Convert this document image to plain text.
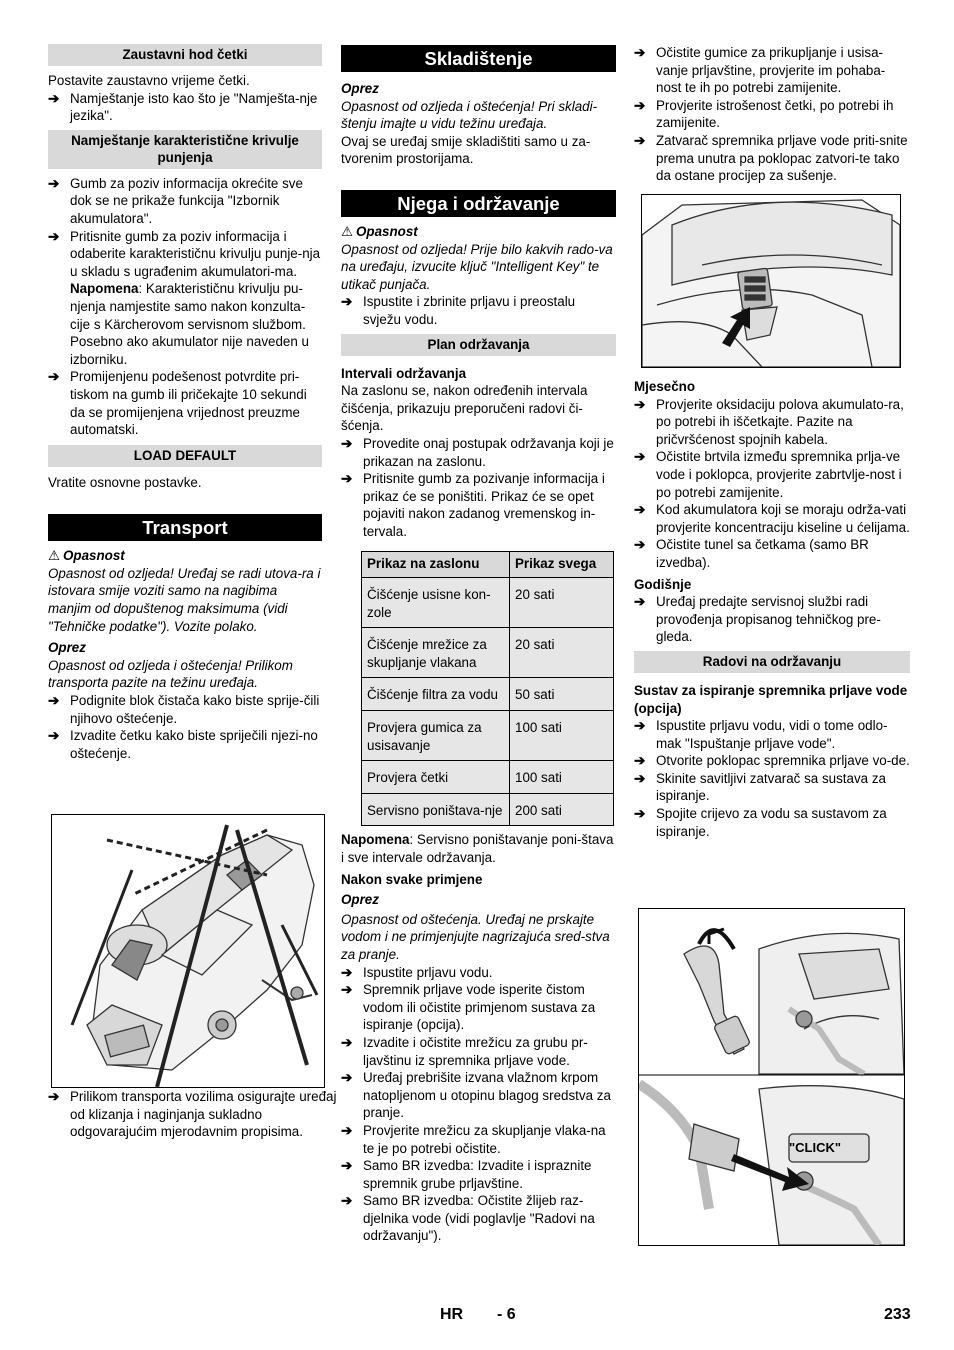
Zaustavni hod četki

Postavite zaustavno vrijeme četki.

➔ Namještanje isto kao što je "Namješta-nje jezika".
Namještanje karakteristične krivulje punjenja
➔ Gumb za poziv informacija okrećite sve dok se ne prikaže funkcija "Izbornik akumulatora".
➔ Pritisnite gumb za poziv informacija i odaberite karakterističnu krivulju punje-nja u skladu s ugrađenim akumulatori-ma.
Napomena: Karakterističnu krivulju pu-njenja namjestite samo nakon konzulta-cije s Kärcherovom servisnom službom. Posebno ako akumulator nije naveden u izborniku.
➔ Promijenjenu podešenost potvrdite pri-tiskom na gumb ili pričekajte 10 sekundi da se promijenjena vrijednost preuzme automatski.
LOAD DEFAULT

Vratite osnovne postavke.

Transport

⚠ Opasnost

Opasnost od ozljeda! Uređaj se radi utova-ra i istovara smije voziti samo na nagibima manjim od dopuštenog maksimuma (vidi "Tehničke podatke"). Vozite polako.

Oprez

Opasnost od ozljeda i oštećenja! Prilikom transporta pazite na težinu uređaja.

➔ Podignite blok čistača kako biste sprije-čili njihovo oštećenje.
➔ Izvadite četku kako biste spriječili njezi-no oštećenje.
➔ Prilikom transporta vozilima osigurajte uređaj od klizanja i naginjanja sukladno odgovarajućim mjerodavnim propisima.
Skladištenje

Oprez

Opasnost od ozljeda i oštećenja! Pri skladi-štenju imajte u vidu težinu uređaja.

Ovaj se uređaj smije skladištiti samo u za-tvorenim prostorijama.

Njega i održavanje

⚠ Opasnost

Opasnost od ozljeda! Prije bilo kakvih rado-va na uređaju, izvucite ključ "Intelligent Key" te utikač punjača.

➔ Ispustite i zbrinite prljavu i preostalu svježu vodu.
Plan održavanja

Intervali održavanja

Na zaslonu se, nakon određenih intervala čišćenja, prikazuju preporučeni radovi či-šćenja.

➔ Provedite onaj postupak održavanja koji je prikazan na zaslonu.
➔ Pritisnite gumb za pozivanje informacija i prikaz će se poništiti. Prikaz će se opet pojaviti nakon zadanog vremenskog in-tervala.
Prikaz na zaslonu	Prikaz svega
Čišćenje usisne kon-zole	20 sati
Čišćenje mrežice za skupljanje vlakana	20 sati
Čišćenje filtra za vodu	50 sati
Provjera gumica za usisavanje	100 sati
Provjera četki	100 sati
Servisno poništava-nje	200 sati

Napomena: Servisno poništavanje poni-štava i sve intervale održavanja.

Nakon svake primjene

Oprez

Opasnost od oštećenja. Uređaj ne prskajte vodom i ne primjenjujte nagrizajuća sred-stva za pranje.

➔ Ispustite prljavu vodu.
➔ Spremnik prljave vode isperite čistom vodom ili očistite primjenom sustava za ispiranje (opcija).
➔ Izvadite i očistite mrežicu za grubu pr-ljavštinu iz spremnika prljave vode.
➔ Uređaj prebrišite izvana vlažnom krpom natopljenom u otopinu blagog sredstva za pranje.
➔ Provjerite mrežicu za skupljanje vlaka-na te je po potrebi očistite.
➔ Samo BR izvedba: Izvadite i ispraznite spremnik grube prljavštine.
➔ Samo BR izvedba: Očistite žlijeb raz-djelnika vode (vidi poglavlje "Radovi na održavanju").
➔ Očistite gumice za prikupljanje i usisa-vanje prljavštine, provjerite im pohaba-nost te ih po potrebi zamijenite.
➔ Provjerite istrošenost četki, po potrebi ih zamijenite.
➔ Zatvarač spremnika prljave vode priti-snite prema unutra pa poklopac zatvori-te tako da ostane procijep za sušenje.

Mjesečno

➔ Provjerite oksidaciju polova akumulato-ra, po potrebi ih iščetkajte. Pazite na pričvršćenost spojnih kabela.
➔ Očistite brtvila između spremnika prlja-ve vode i poklopca, provjerite zabrtvlje-nost i po potrebi zamijenite.
➔ Kod akumulatora koji se moraju održa-vati provjerite koncentraciju kiseline u ćelijama.
➔ Očistite tunel sa četkama (samo BR izvedba).

Godišnje

➔ Uređaj predajte servisnoj službi radi provođenja propisanog tehničkog pre-gleda.
Radovi na održavanju

Sustav za ispiranje spremnika prljave vode (opcija)

➔ Ispustite prljavu vodu, vidi o tome odlo-mak "Ispuštanje prljave vode".
➔ Otvorite poklopac spremnika prljave vo-de.
➔ Skinite savitljivi zatvarač sa sustava za ispiranje.
➔ Spojite crijevo za vodu sa sustavom za ispiranje.
"CLICK"
HR - 6	233
